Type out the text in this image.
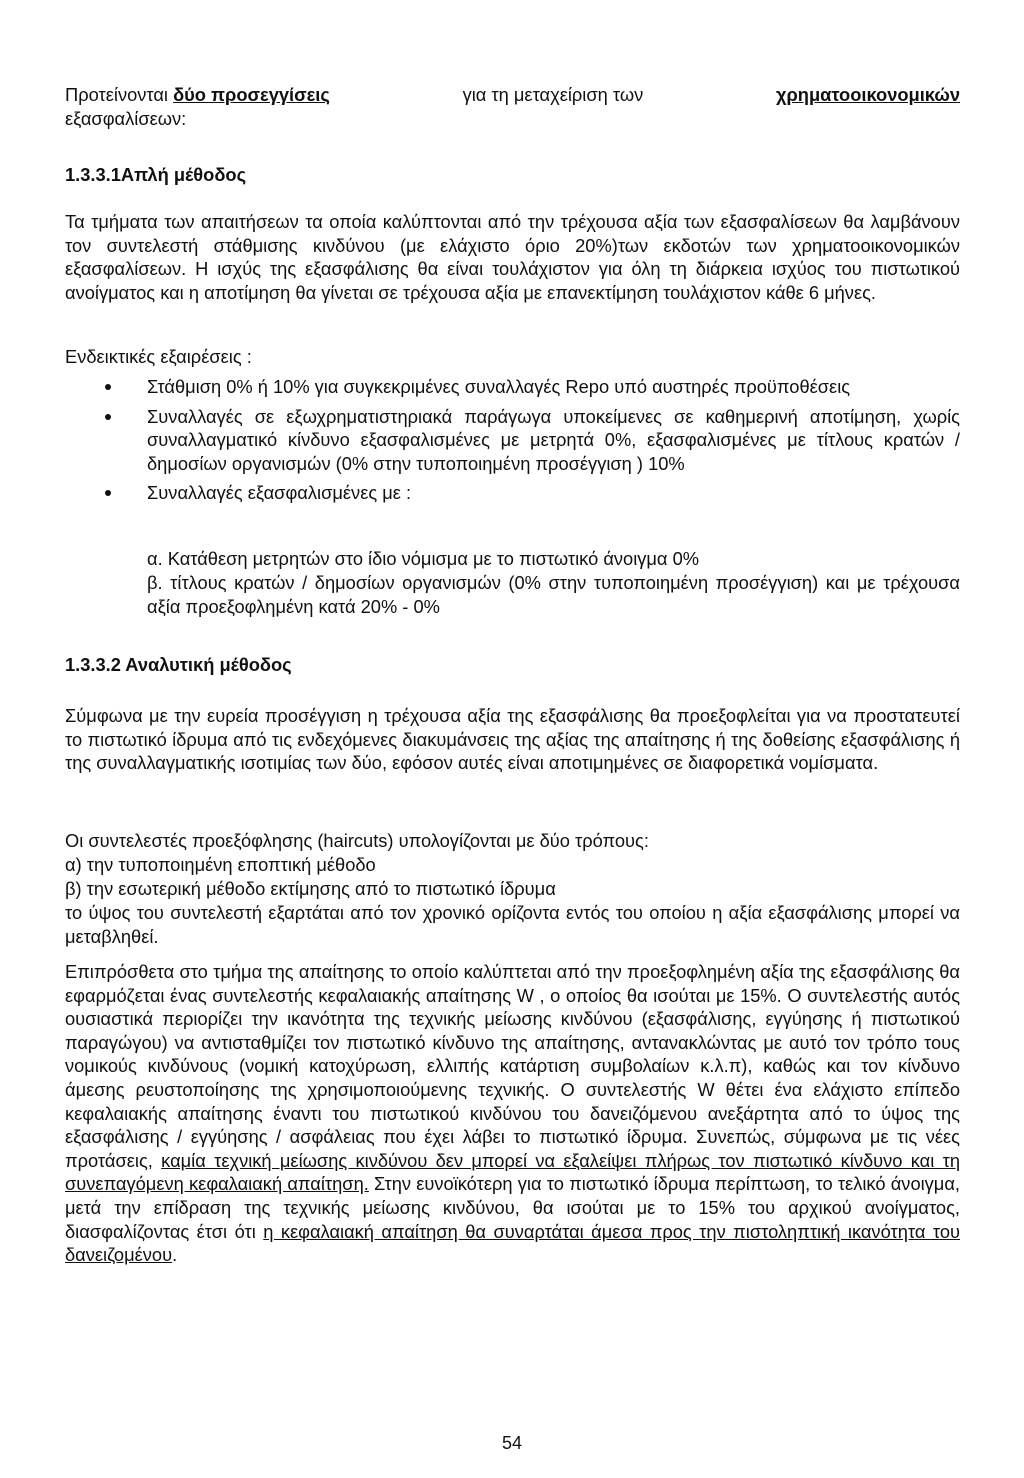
Προτείνονται δύο προσεγγίσεις	για τη μεταχείριση των	χρηματοοικονομικών
εξασφαλίσεων:
1.3.3.1Απλή μέθοδος
Τα τμήματα των απαιτήσεων τα οποία καλύπτονται από την τρέχουσα αξία των εξασφαλίσεων θα λαμβάνουν τον συντελεστή στάθμισης κινδύνου (με ελάχιστο όριο 20%)των εκδοτών των χρηματοοικονομικών εξασφαλίσεων. Η ισχύς της εξασφάλισης θα είναι τουλάχιστον για όλη τη διάρκεια ισχύος του πιστωτικού ανοίγματος και η αποτίμηση θα γίνεται σε τρέχουσα αξία με επανεκτίμηση τουλάχιστον κάθε 6 μήνες.
Ενδεικτικές εξαιρέσεις :
Στάθμιση 0% ή 10% για συγκεκριμένες συναλλαγές Repo υπό αυστηρές προϋποθέσεις
Συναλλαγές σε εξωχρηματιστηριακά παράγωγα υποκείμενες σε καθημερινή αποτίμηση, χωρίς συναλλαγματικό κίνδυνο εξασφαλισμένες με μετρητά 0%, εξασφαλισμένες με τίτλους κρατών / δημοσίων οργανισμών (0% στην τυποποιημένη προσέγγιση ) 10%
Συναλλαγές εξασφαλισμένες με :
α. Κατάθεση μετρητών στο ίδιο νόμισμα με το πιστωτικό άνοιγμα 0%
β. τίτλους κρατών / δημοσίων οργανισμών (0% στην τυποποιημένη προσέγγιση) και με τρέχουσα αξία προεξοφλημένη κατά 20% - 0%
1.3.3.2 Αναλυτική μέθοδος
Σύμφωνα με την ευρεία προσέγγιση η τρέχουσα αξία της εξασφάλισης θα προεξοφλείται για να προστατευτεί το πιστωτικό ίδρυμα από τις ενδεχόμενες διακυμάνσεις της αξίας της απαίτησης ή της δοθείσης εξασφάλισης ή της συναλλαγματικής ισοτιμίας των δύο, εφόσον αυτές είναι αποτιμημένες σε διαφορετικά νομίσματα.
Οι συντελεστές προεξόφλησης (haircuts) υπολογίζονται με δύο τρόπους:
α) την τυποποιημένη εποπτική μέθοδο
β) την εσωτερική μέθοδο εκτίμησης από το πιστωτικό ίδρυμα
το ύψος του συντελεστή εξαρτάται από τον χρονικό ορίζοντα εντός του οποίου η αξία εξασφάλισης μπορεί να μεταβληθεί.
Επιπρόσθετα στο τμήμα της απαίτησης το οποίο καλύπτεται από την προεξοφλημένη αξία της εξασφάλισης θα εφαρμόζεται ένας συντελεστής κεφαλαιακής απαίτησης W , ο οποίος θα ισούται με 15%. Ο συντελεστής αυτός ουσιαστικά περιορίζει την ικανότητα της τεχνικής μείωσης κινδύνου (εξασφάλισης, εγγύησης ή πιστωτικού παραγώγου) να αντισταθμίζει τον πιστωτικό κίνδυνο της απαίτησης, αντανακλώντας με αυτό τον τρόπο τους νομικούς κινδύνους (νομική κατοχύρωση, ελλιπής κατάρτιση συμβολαίων κ.λ.π), καθώς και τον κίνδυνο άμεσης ρευστοποίησης της χρησιμοποιούμενης τεχνικής. Ο συντελεστής W θέτει ένα ελάχιστο επίπεδο κεφαλαιακής απαίτησης έναντι του πιστωτικού κινδύνου του δανειζόμενου ανεξάρτητα από το ύψος της εξασφάλισης / εγγύησης / ασφάλειας που έχει λάβει το πιστωτικό ίδρυμα. Συνεπώς, σύμφωνα με τις νέες προτάσεις, καμία τεχνική μείωσης κινδύνου δεν μπορεί να εξαλείψει πλήρως τον πιστωτικό κίνδυνο και τη συνεπαγόμενη κεφαλαιακή απαίτηση. Στην ευνοϊκότερη για το πιστωτικό ίδρυμα περίπτωση, το τελικό άνοιγμα, μετά την επίδραση της τεχνικής μείωσης κινδύνου, θα ισούται με το 15% του αρχικού ανοίγματος, διασφαλίζοντας έτσι ότι η κεφαλαιακή απαίτηση θα συναρτάται άμεσα προς την πιστοληπτική ικανότητα του δανειζομένου.
54
